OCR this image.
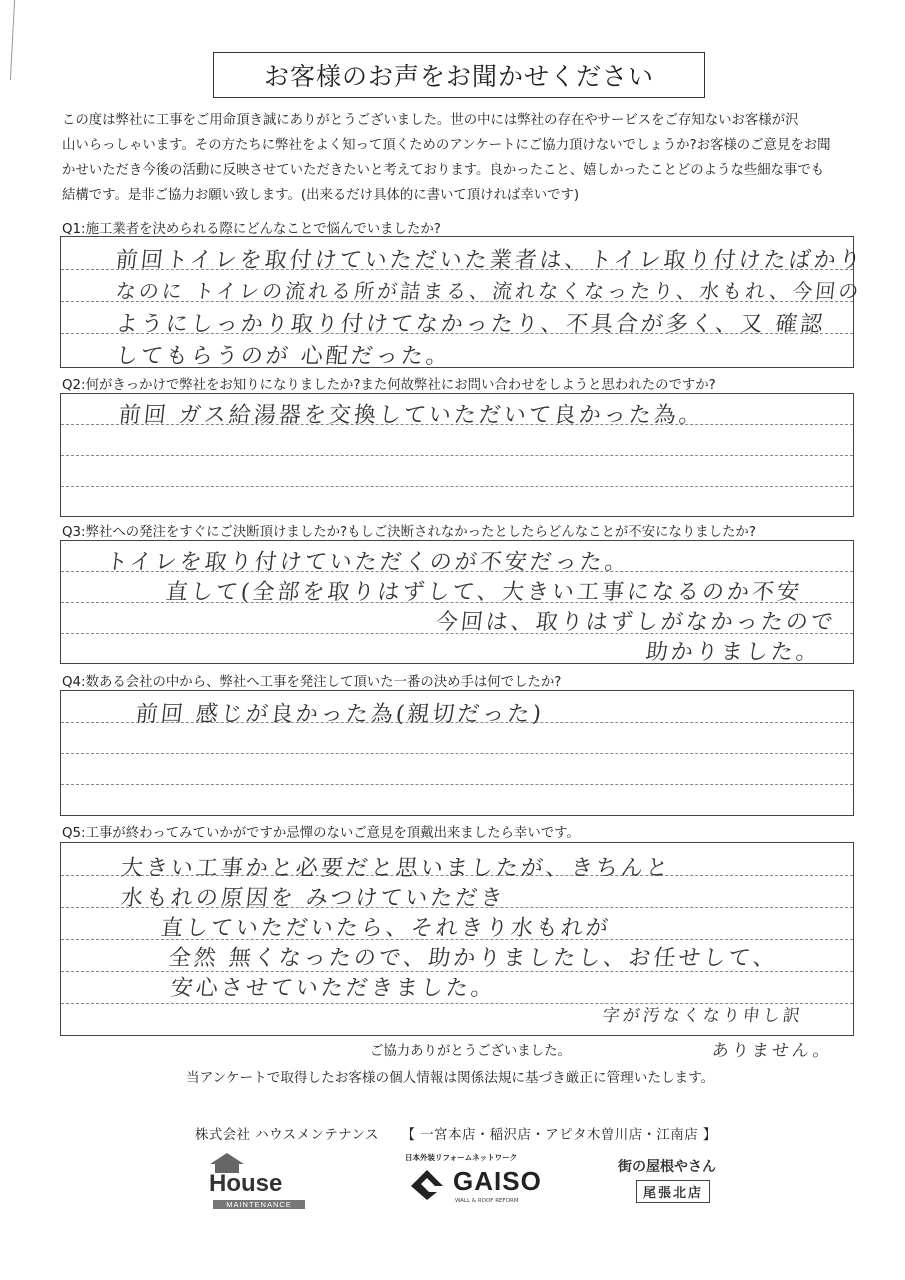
お客様のお声をお聞かせください
この度は弊社に工事をご用命頂き誠にありがとうございました。世の中には弊社の存在やサービスをご存知ないお客様が沢
山いらっしゃいます。その方たちに弊社をよく知って頂くためのアンケートにご協力頂けないでしょうか?お客様のご意見をお聞
かせいただき今後の活動に反映させていただきたいと考えております。良かったこと、嬉しかったことどのような些細な事でも
結構です。是非ご協力お願い致します。(出来るだけ具体的に書いて頂ければ幸いです)
Q1:施工業者を決められる際にどんなことで悩んでいましたか?
前回トイレを取付けていただいた業者は、トイレ取り付けたばかり
なのに トイレの流れる所が詰まる、流れなくなったり、水もれ、今回の
ようにしっかり取り付けてなかったり、不具合が多く、又 確認
してもらうのが 心配だった。
Q2:何がきっかけで弊社をお知りになりましたか?また何故弊社にお問い合わせをしようと思われたのですか?
前回 ガス給湯器を交換していただいて良かった為。
Q3:弊社への発注をすぐにご決断頂けましたか?もしご決断されなかったとしたらどんなことが不安になりましたか?
トイレを取り付けていただくのが不安だった。
直して(全部を取りはずして、大きい工事になるのか不安
今回は、取りはずしがなかったので
助かりました。
Q4:数ある会社の中から、弊社へ工事を発注して頂いた一番の決め手は何でしたか?
前回 感じが良かった為(親切だった)
Q5:工事が終わってみていかがですか忌憚のないご意見を頂戴出来ましたら幸いです。
大きい工事かと必要だと思いましたが、きちんと
水もれの原因を みつけていただき
直していただいたら、それきり水もれが
全然 無くなったので、助かりましたし、お任せして、
安心させていただきました。
字が汚なくなり申し訳
ありません。
ご協力ありがとうございました。
当アンケートで取得したお客様の個人情報は関係法規に基づき厳正に管理いたします。
株式会社 ハウスメンテナンス 【 一宮本店・稲沢店・アピタ木曽川店・江南店 】
House
MAINTENANCE
日本外装リフォームネットワーク
GAISO
WALL & ROOF REFORM
街の屋根やさん
尾張北店
